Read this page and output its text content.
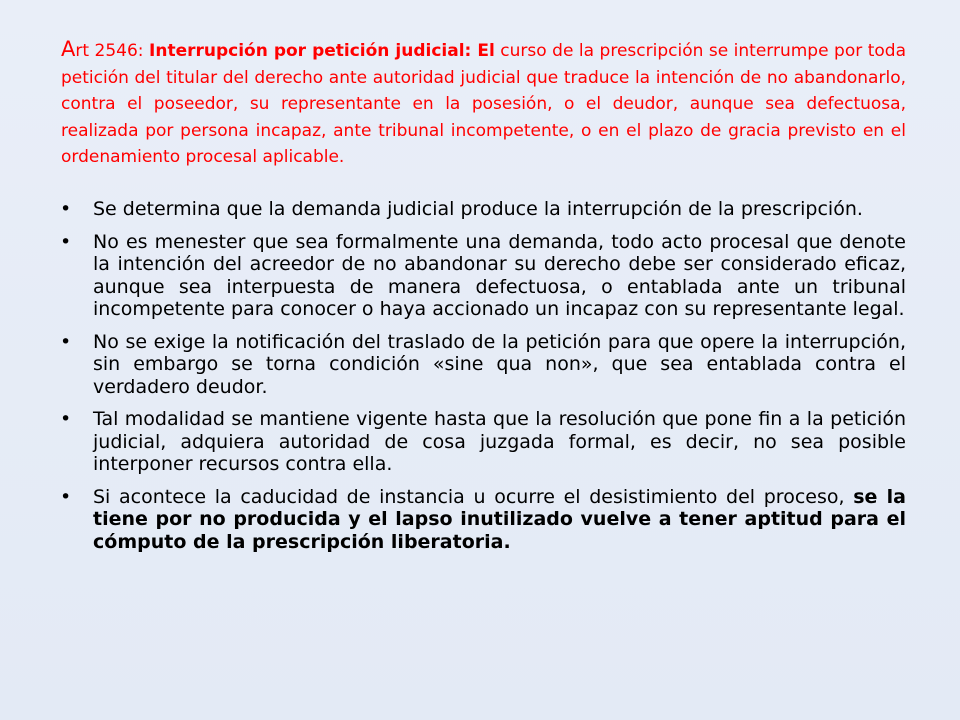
Art 2546: Interrupción por petición judicial: El curso de la prescripción se interrumpe por toda petición del titular del derecho ante autoridad judicial que traduce la intención de no abandonarlo, contra el poseedor, su representante en la posesión, o el deudor, aunque sea defectuosa, realizada por persona incapaz, ante tribunal incompetente, o en el plazo de gracia previsto en el ordenamiento procesal aplicable.

• Se determina que la demanda judicial produce la interrupción de la prescripción.
• No es menester que sea formalmente una demanda, todo acto procesal que denote la intención del acreedor de no abandonar su derecho debe ser considerado eficaz, aunque sea interpuesta de manera defectuosa, o entablada ante un tribunal incompetente para conocer o haya accionado un incapaz con su representante legal.
• No se exige la notificación del traslado de la petición para que opere la interrupción, sin embargo se torna condición «sine qua non», que sea entablada contra el verdadero deudor.
• Tal modalidad se mantiene vigente hasta que la resolución que pone fin a la petición judicial, adquiera autoridad de cosa juzgada formal, es decir, no sea posible interponer recursos contra ella.
• Si acontece la caducidad de instancia u ocurre el desistimiento del proceso, se la tiene por no producida y el lapso inutilizado vuelve a tener aptitud para el cómputo de la prescripción liberatoria.
